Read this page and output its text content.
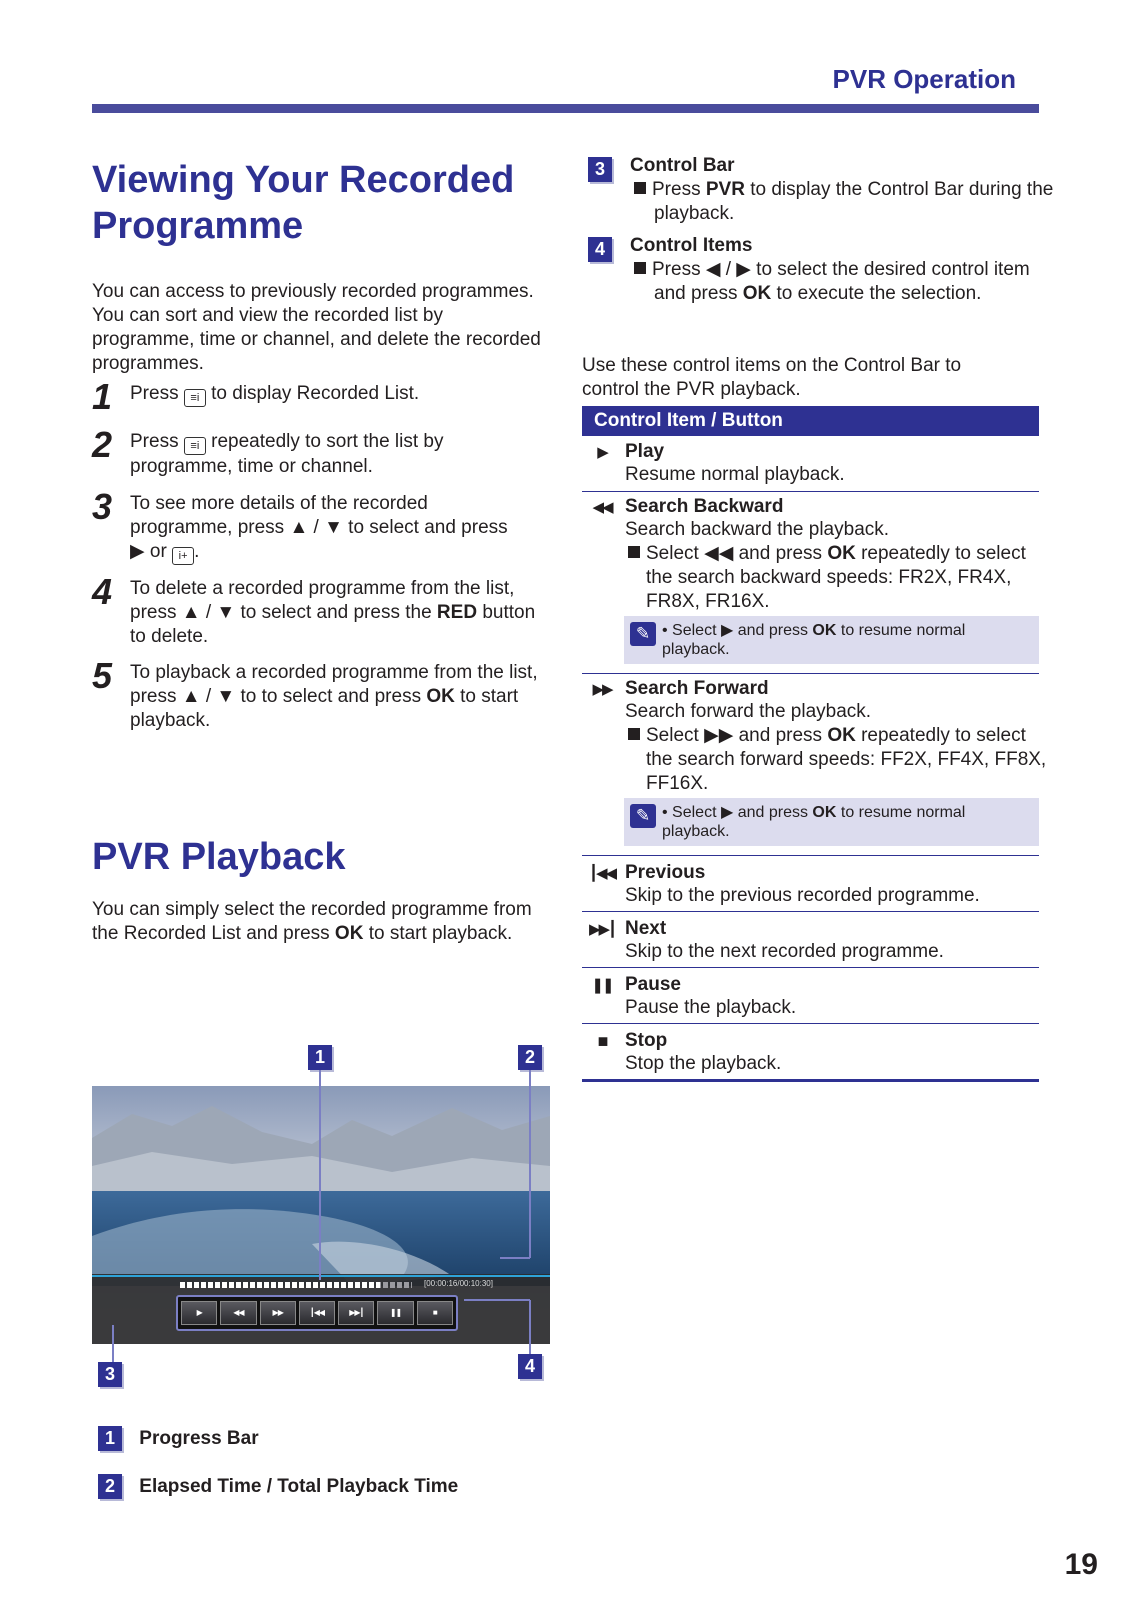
PVR Operation
Viewing Your Recorded
Programme
You can access to previously recorded programmes. You can sort and view the recorded list by programme, time or channel, and delete the recorded programmes.
1 Press ≡i to display Recorded List.
2 Press ≡i repeatedly to sort the list by programme, time or channel.
3 To see more details of the recorded
programme, press ▲ / ▼ to select and press
▶ or i+ .
4 To delete a recorded programme from the list, press ▲ / ▼ to select and press the RED button to delete.
5 To playback a recorded programme from the list, press ▲ / ▼ to to select and press OK to start playback.
PVR Playback
You can simply select the recorded programme from the Recorded List and press OK to start playback.
1	2
3	4
[00:00:16/00:10:30]
▶	◀◀	▶▶	┃◀◀	▶▶┃	❚❚	■
1 Progress Bar
2 Elapsed Time / Total Playback Time
3	Control Bar
Press PVR to display the Control Bar during the playback.
4	Control Items
Press ◀ / ▶ to select the desired control item and press OK to execute the selection.
Use these control items on the Control Bar to control the PVR playback.
Control Item / Button
▶ Play
Resume normal playback.
◀◀ Search Backward
Search backward the playback.
Select ◀◀ and press OK repeatedly to select the search backward speeds: FR2X, FR4X, FR8X, FR16X.
✎ • Select ▶ and press OK to resume normal playback.
▶▶ Search Forward
Search forward the playback.
Select ▶▶ and press OK repeatedly to select the search forward speeds: FF2X, FF4X, FF8X, FF16X.
✎ • Select ▶ and press OK to resume normal playback.
┃◀◀ Previous
Skip to the previous recorded programme.
▶▶┃ Next
Skip to the next recorded programme.
❚❚ Pause
Pause the playback.
■ Stop
Stop the playback.
19
